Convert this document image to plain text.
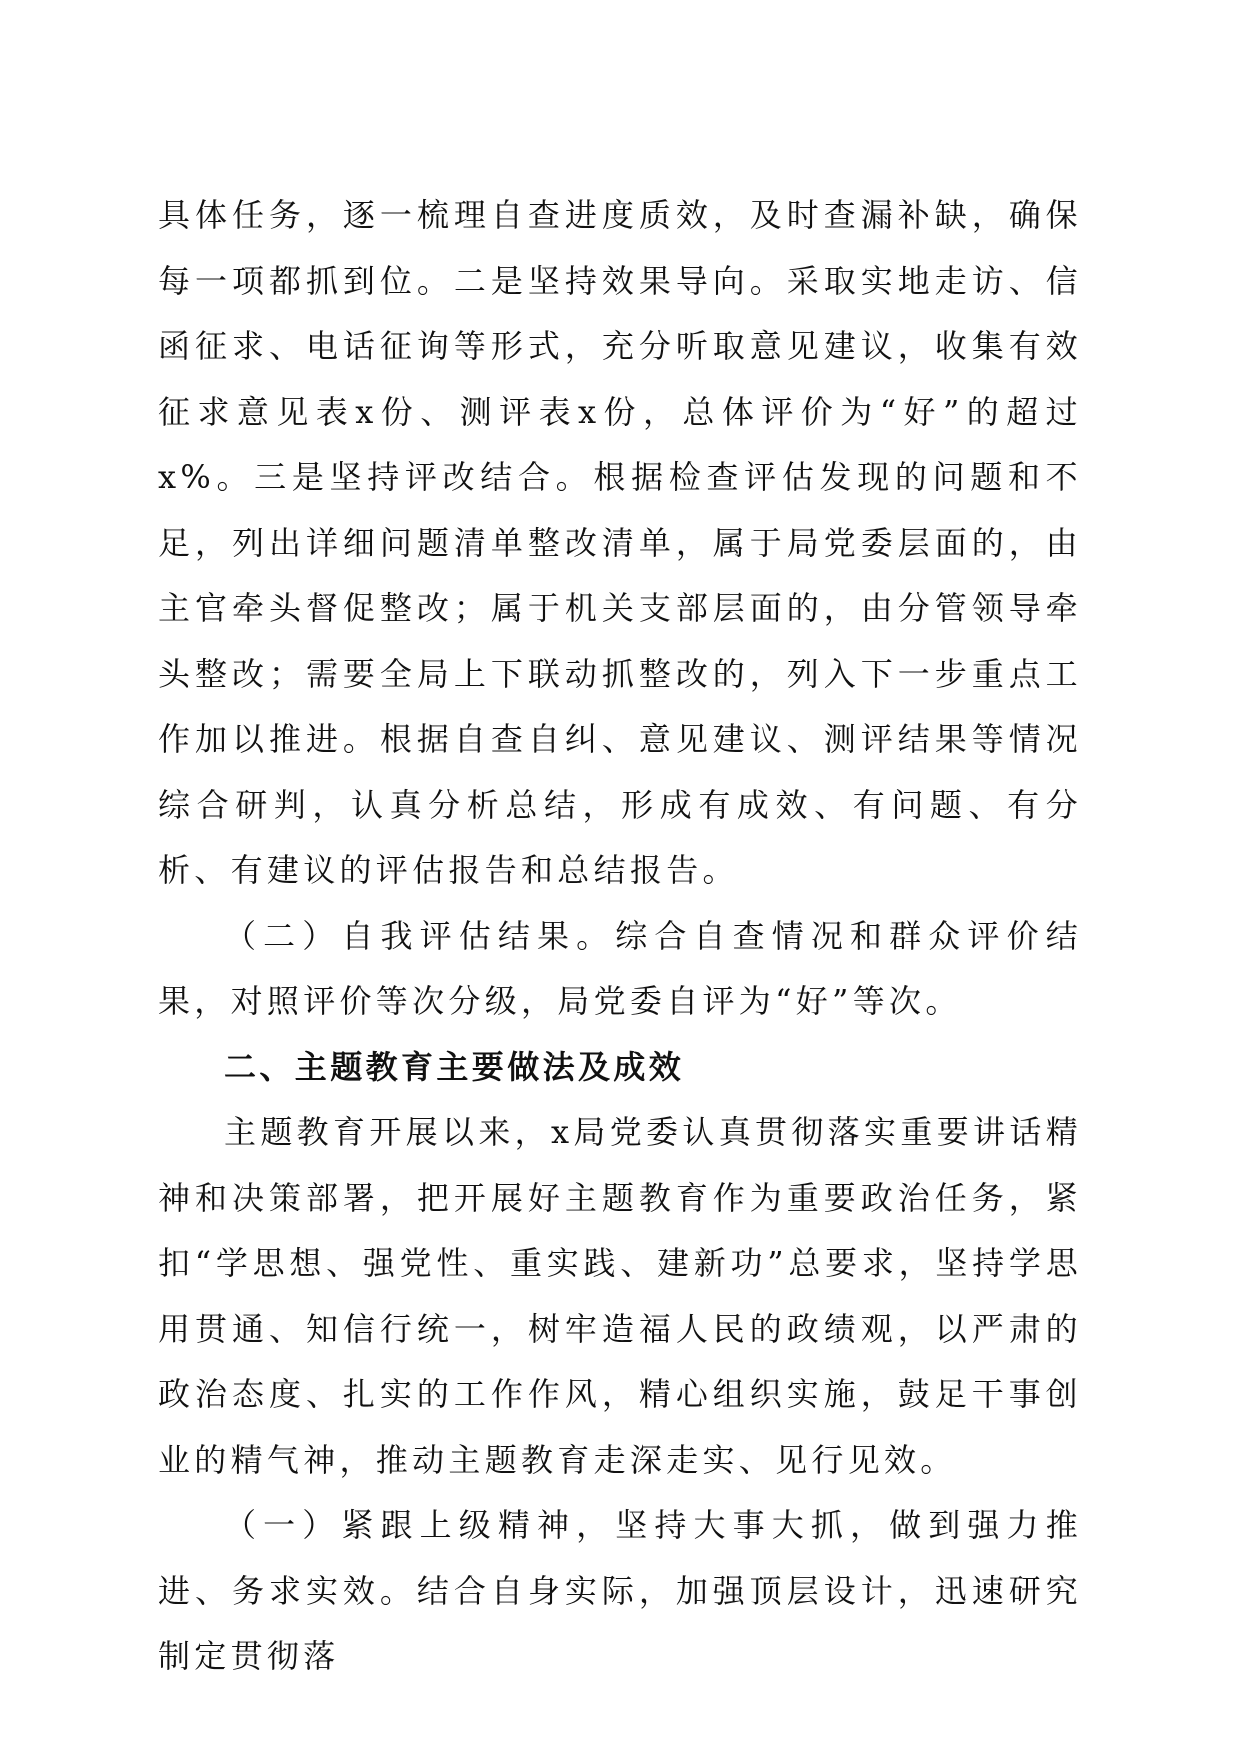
具体任务，逐一梳理自查进度质效，及时查漏补缺，确保每一项都抓到位。二是坚持效果导向。采取实地走访、信函征求、电话征询等形式，充分听取意见建议，收集有效征求意见表x份、测评表x份，总体评价为“好”的超过x%。三是坚持评改结合。根据检查评估发现的问题和不足，列出详细问题清单整改清单，属于局党委层面的，由主官牵头督促整改；属于机关支部层面的，由分管领导牵头整改；需要全局上下联动抓整改的，列入下一步重点工作加以推进。根据自查自纠、意见建议、测评结果等情况综合研判，认真分析总结，形成有成效、有问题、有分析、有建议的评估报告和总结报告。

（二）自我评估结果。综合自查情况和群众评价结果，对照评价等次分级，局党委自评为“好”等次。

二、主题教育主要做法及成效

主题教育开展以来，x局党委认真贯彻落实重要讲话精神和决策部署，把开展好主题教育作为重要政治任务，紧扣“学思想、强党性、重实践、建新功”总要求，坚持学思用贯通、知信行统一，树牢造福人民的政绩观，以严肃的政治态度、扎实的工作作风，精心组织实施，鼓足干事创业的精气神，推动主题教育走深走实、见行见效。

（一）紧跟上级精神，坚持大事大抓，做到强力推进、务求实效。结合自身实际，加强顶层设计，迅速研究制定贯彻落
